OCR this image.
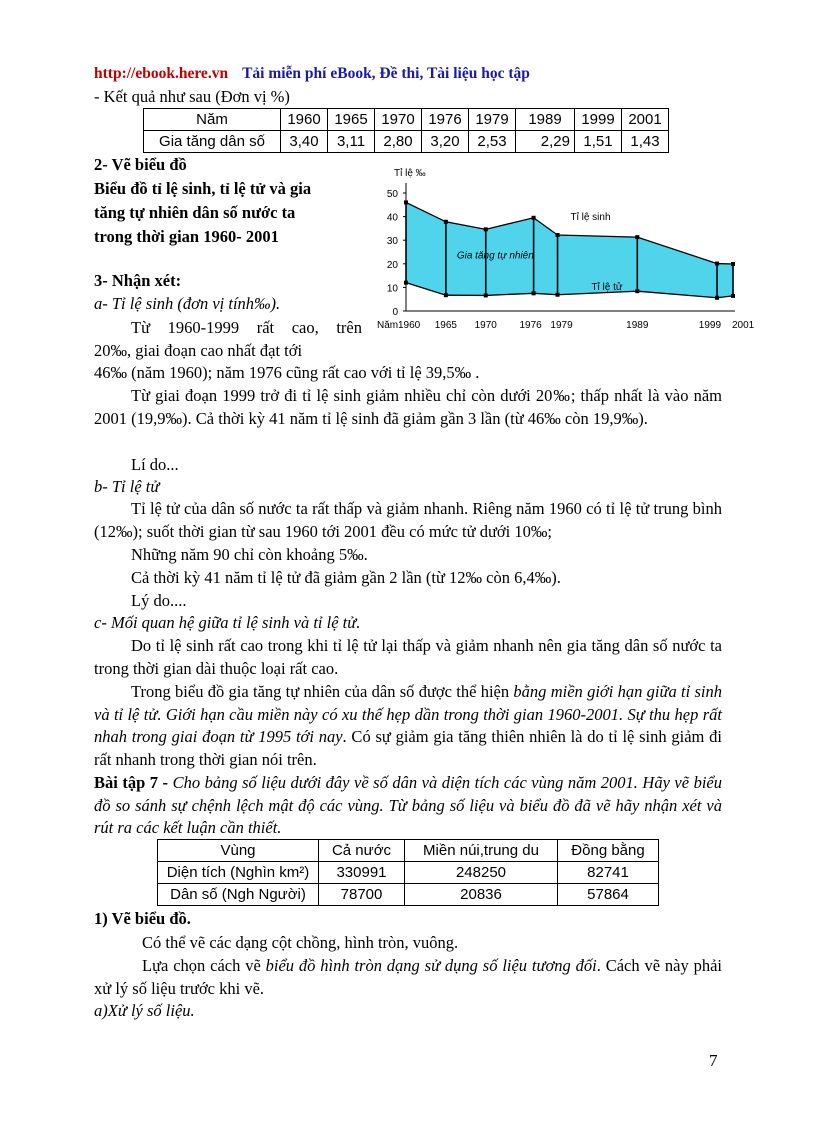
http://ebook.here.vn Tải miễn phí eBook, Đề thi, Tài liệu học tập
- Kết quả như sau (Đơn vị %)
Năm	1960	1965	1970	1976	1979	1989	1999	2001
Gia tăng dân số	3,40	3,11	2,80	3,20	2,53	2,29	1,51	1,43
2- Vẽ biểu đồ
Biểu đồ tỉ lệ sinh, tỉ lệ tử và gia
tăng tự nhiên dân số nước ta
trong thời gian 1960- 2001
0
10
20
30
40
50
Tỉ lệ ‰
Năm 1960 1965 1970 1976 1979	1989	1999 2001
Tỉ lệ sinh
Gia tăng tự nhiên
Tỉ lệ tử
3- Nhận xét:
a- Tỉ lệ sinh (đơn vị tính‰).
Từ 1960-1999 rất cao, trên
20‰, giai đoạn cao nhất đạt tới
46‰ (năm 1960); năm 1976 cũng rất cao với tỉ lệ 39,5‰ .
Từ giai đoạn 1999 trở đi tỉ lệ sinh giảm nhiều chỉ còn dưới 20‰; thấp nhất là vào năm 2001 (19,9‰). Cả thời kỳ 41 năm tỉ lệ sinh đã giảm gần 3 lần (từ 46‰ còn 19,9‰).
Lí do...
b- Tỉ lệ tử
Tỉ lệ tử của dân số nước ta rất thấp và giảm nhanh. Riêng năm 1960 có tỉ lệ tử trung bình (12‰); suốt thời gian từ sau 1960 tới 2001 đều có mức tử dưới 10‰;
Những năm 90 chỉ còn khoảng 5‰.
Cả thời kỳ 41 năm tỉ lệ tử đã giảm gần 2 lần (từ 12‰ còn 6,4‰).
Lý do....
c- Mối quan hệ giữa tỉ lệ sinh và tỉ lệ tử.
Do tỉ lệ sinh rất cao trong khi tỉ lệ tử lại thấp và giảm nhanh nên gia tăng dân số nước ta trong thời gian dài thuộc loại rất cao.
Trong biểu đồ gia tăng tự nhiên của dân số được thể hiện bằng miền giới hạn giữa tỉ sinh và tỉ lệ tử. Giới hạn cầu miền này có xu thế hẹp dần trong thời gian 1960-2001. Sự thu hẹp rất nhah trong giai đoạn từ 1995 tới nay. Có sự giảm gia tăng thiên nhiên là do tỉ lệ sinh giảm đi rất nhanh trong thời gian nói trên.
Bài tập 7 - Cho bảng số liệu dưới đây về số dân và diện tích các vùng năm 2001. Hãy vẽ biểu đồ so sánh sự chệnh lệch mật độ các vùng. Từ bảng số liệu và biểu đồ đã vẽ hãy nhận xét và rút ra các kết luận cần thiết.
Vùng	Cả nước	Miền núi,trung du	Đồng bằng
Diện tích (Nghìn km²)	330991	248250	82741
Dân số (Ngh Người)	78700	20836	57864
1) Vẽ biểu đồ.
Có thể vẽ các dạng cột chồng, hình tròn, vuông.
Lựa chọn cách vẽ biểu đồ hình tròn dạng sử dụng số liệu tương đối. Cách vẽ này phải xử lý số liệu trước khi vẽ.
a)Xử lý số liệu.
7
